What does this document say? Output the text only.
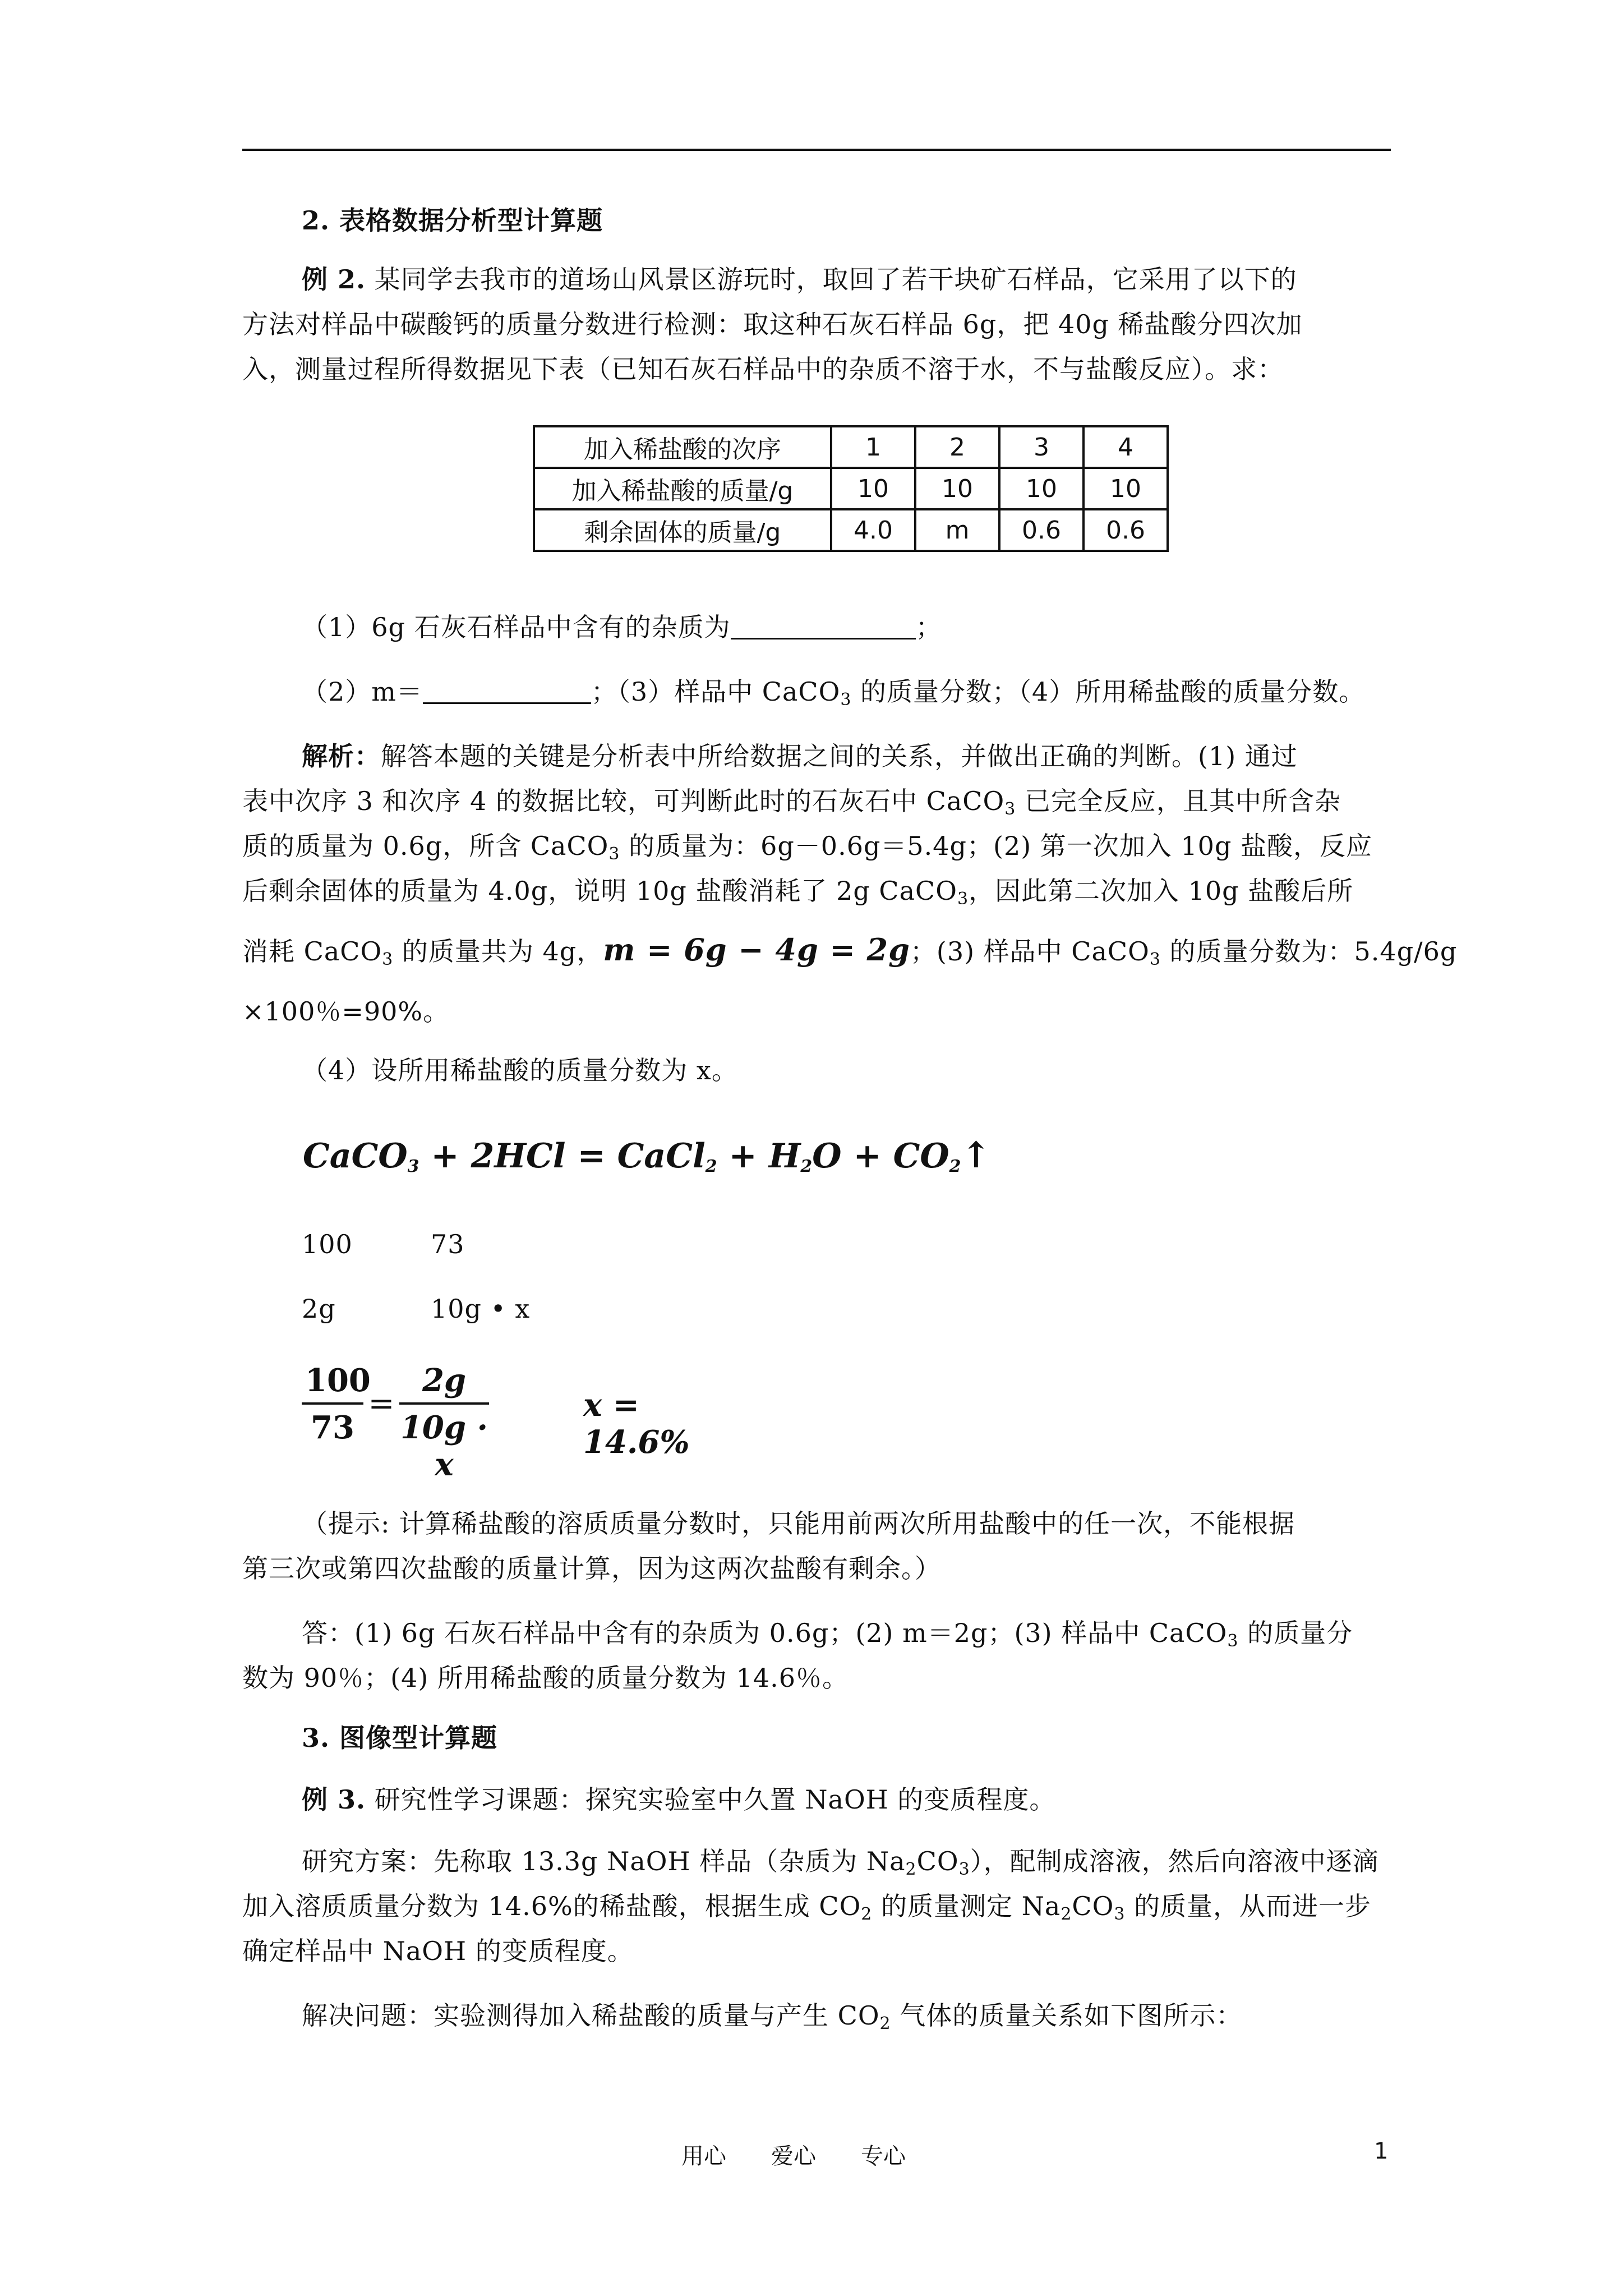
2. 表格数据分析型计算题
例 2. 某同学去我市的道场山风景区游玩时，取回了若干块矿石样品，它采用了以下的
方法对样品中碳酸钙的质量分数进行检测：取这种石灰石样品 6g，把 40g 稀盐酸分四次加
入，测量过程所得数据见下表（已知石灰石样品中的杂质不溶于水，不与盐酸反应）。求：
加入稀盐酸的次序	1	2	3	4
加入稀盐酸的质量/g	10	10	10	10
剩余固体的质量/g	4.0	m	0.6	0.6
（1）6g 石灰石样品中含有的杂质为	；
（2）m＝	；（3）样品中 CaCO$_3$ 的质量分数；（4）所用稀盐酸的质量分数。
解析：解答本题的关键是分析表中所给数据之间的关系，并做出正确的判断。(1) 通过
表中次序 3 和次序 4 的数据比较，可判断此时的石灰石中 CaCO$_3$ 已完全反应，且其中所含杂
质的质量为 0.6g，所含 CaCO$_3$ 的质量为：6g－0.6g＝5.4g；(2) 第一次加入 10g 盐酸，反应
后剩余固体的质量为 4.0g，说明 10g 盐酸消耗了 2g CaCO$_3$，因此第二次加入 10g 盐酸后所
消耗 CaCO$_3$ 的质量共为 4g，m = 6g − 4g = 2g；(3) 样品中 CaCO$_3$ 的质量分数为：5.4g/6g
×100％=90%。
（4）设所用稀盐酸的质量分数为 x。
CaCO$_3$ + 2HCl = CaCl$_2$ + $H_2O$ + $CO_2↑$
100	73
2g	10g • x
$\frac{100}{73} = \frac{2g}{10g \cdot x}$	x = 14.6%
（提示: 计算稀盐酸的溶质质量分数时，只能用前两次所用盐酸中的任一次，不能根据
第三次或第四次盐酸的质量计算，因为这两次盐酸有剩余。）
答：(1) 6g 石灰石样品中含有的杂质为 0.6g；(2) m＝2g；(3) 样品中 CaCO$_3$ 的质量分
数为 90％；(4) 所用稀盐酸的质量分数为 14.6％。
3. 图像型计算题
例 3. 研究性学习课题：探究实验室中久置 NaOH 的变质程度。
研究方案：先称取 13.3g NaOH 样品（杂质为 $Na_2CO_3$），配制成溶液，然后向溶液中逐滴
加入溶质质量分数为 14.6%的稀盐酸，根据生成 $CO_2$ 的质量测定 $Na_2CO_3$ 的质量，从而进一步
确定样品中 NaOH 的变质程度。
解决问题：实验测得加入稀盐酸的质量与产生 $CO_2$ 气体的质量关系如下图所示：
用心　　爱心　　专心	1
